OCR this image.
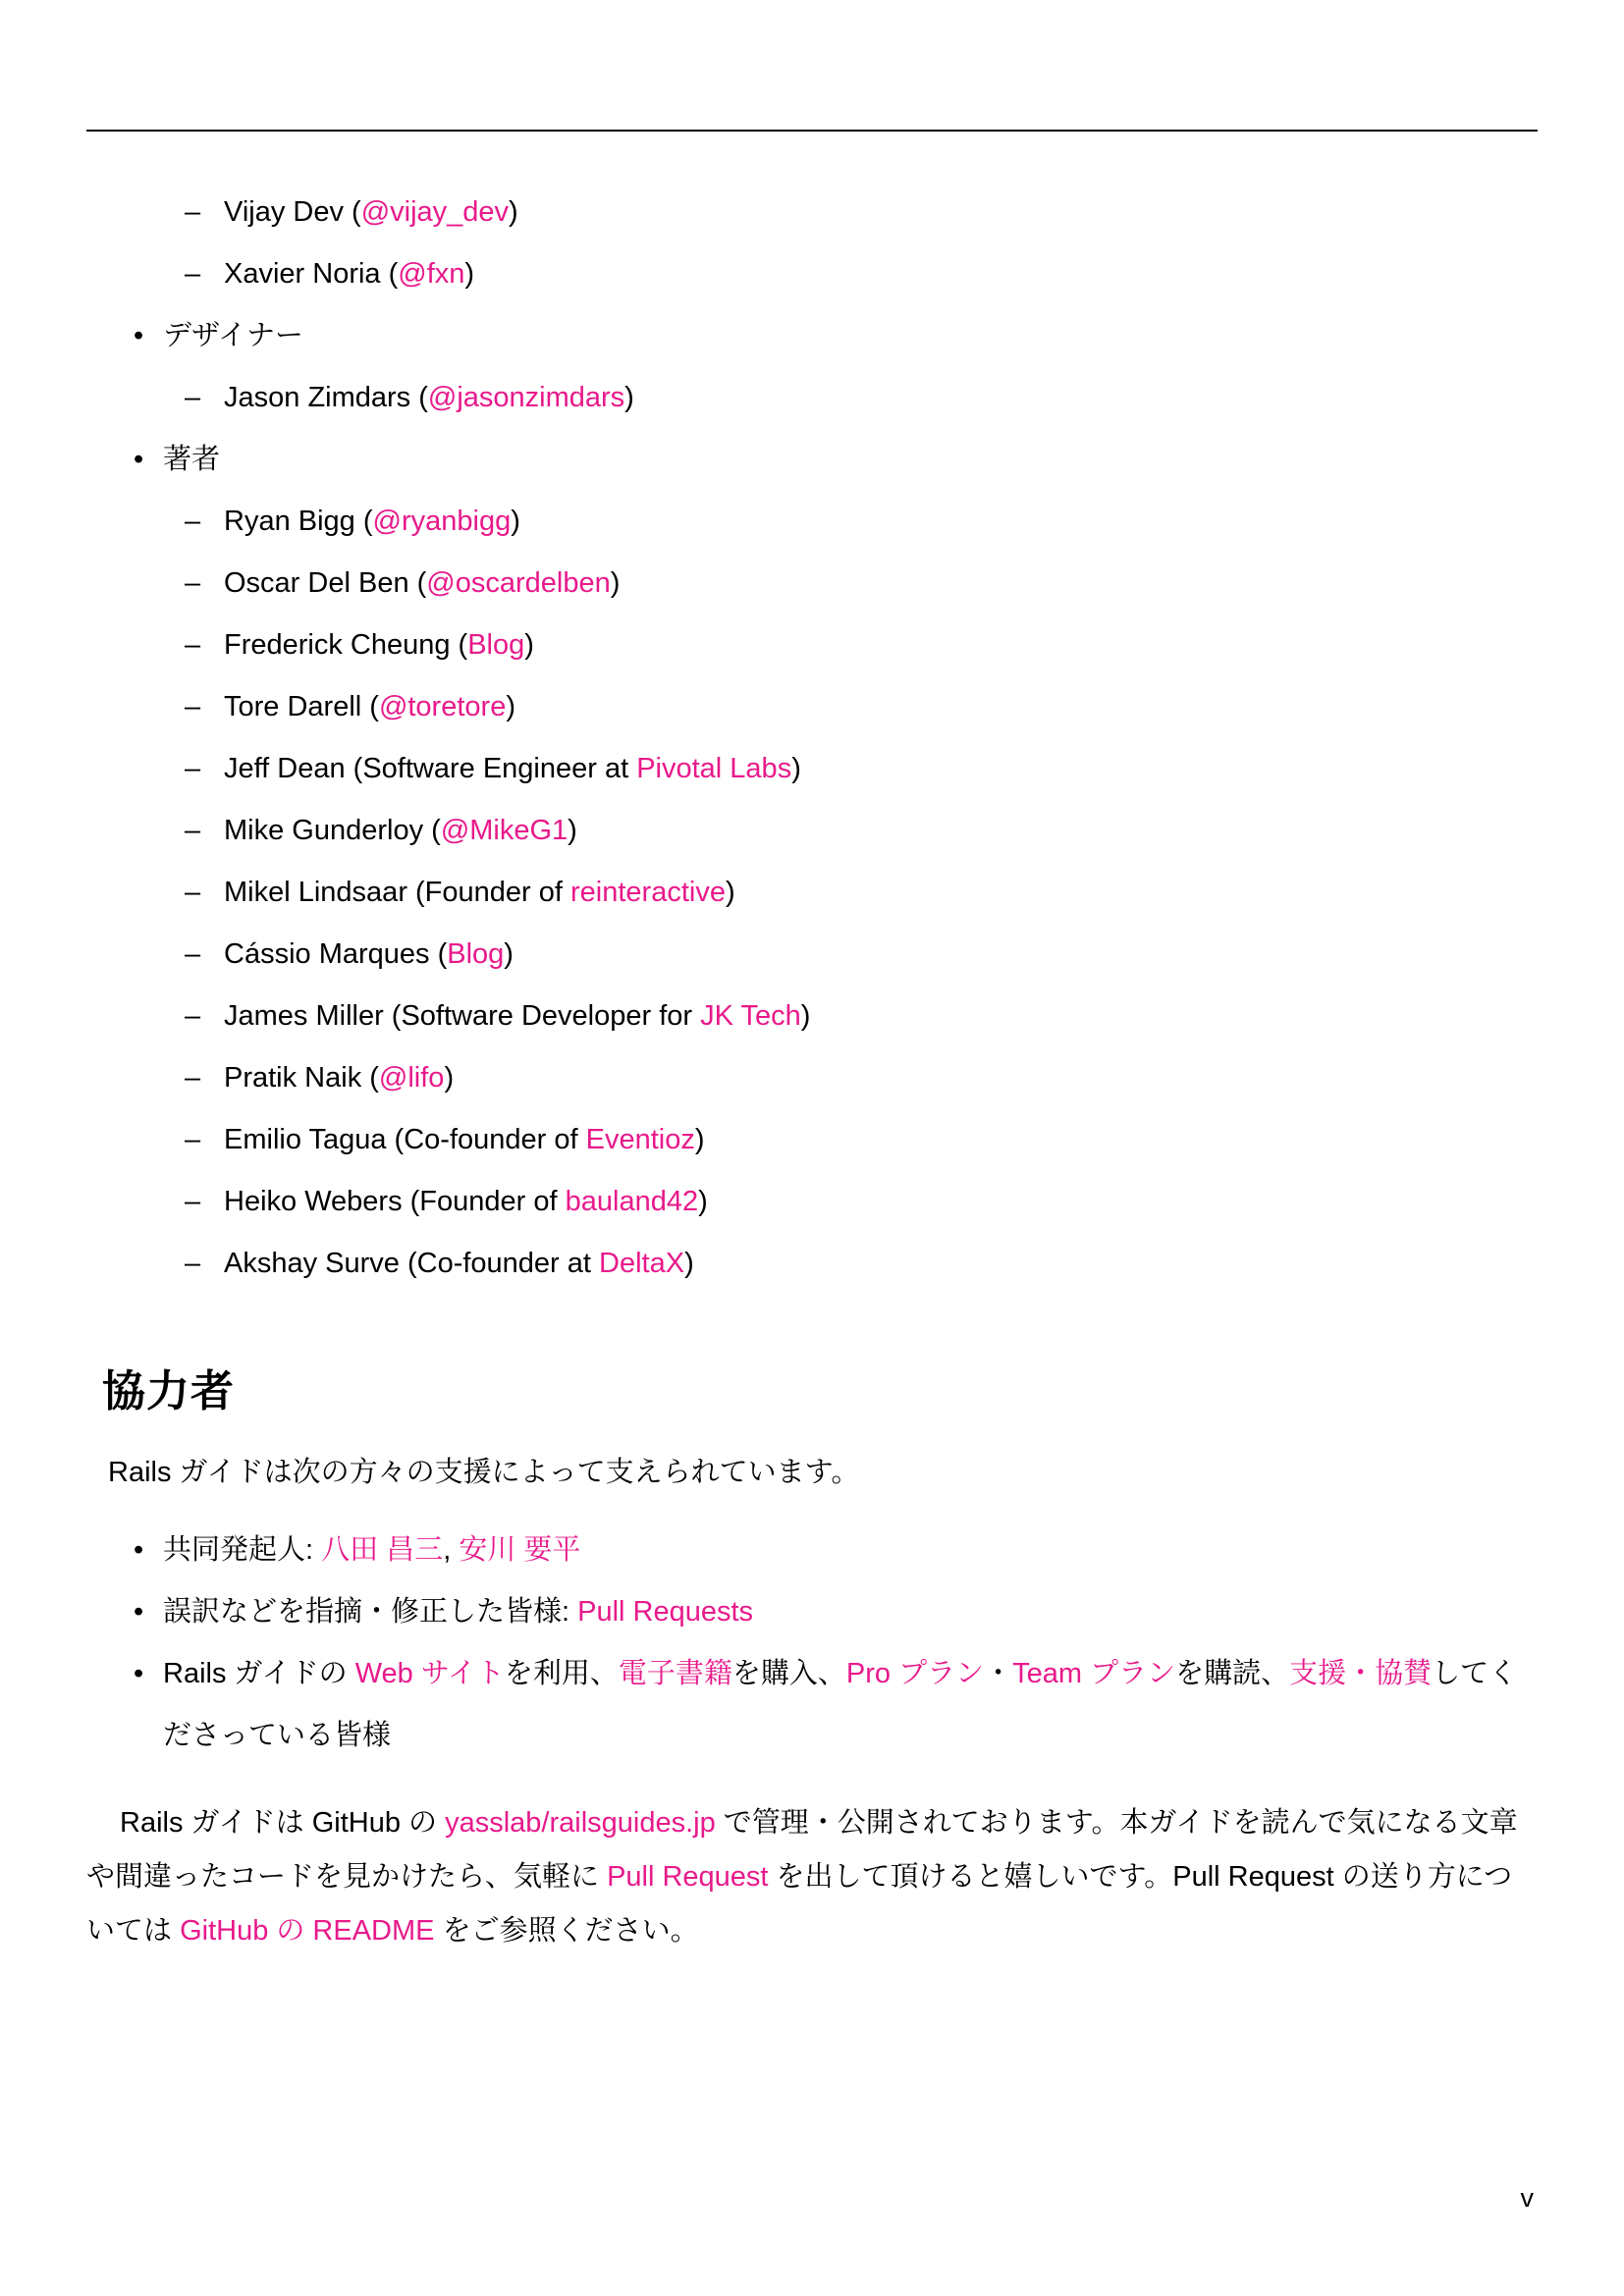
– Vijay Dev (@vijay_dev)
– Xavier Noria (@fxn)
• デザイナー
– Jason Zimdars (@jasonzimdars)
• 著者
– Ryan Bigg (@ryanbigg)
– Oscar Del Ben (@oscardelben)
– Frederick Cheung (Blog)
– Tore Darell (@toretore)
– Jeff Dean (Software Engineer at Pivotal Labs)
– Mike Gunderloy (@MikeG1)
– Mikel Lindsaar (Founder of reinteractive)
– Cássio Marques (Blog)
– James Miller (Software Developer for JK Tech)
– Pratik Naik (@lifo)
– Emilio Tagua (Co-founder of Eventioz)
– Heiko Webers (Founder of bauland42)
– Akshay Surve (Co-founder at DeltaX)
協力者

Rails ガイドは次の方々の支援によって支えられています。

• 共同発起人: 八田 昌三, 安川 要平
• 誤訳などを指摘・修正した皆様: Pull Requests
• Rails ガイドの Web サイトを利用、電子書籍を購入、Pro プラン・Team プランを購読、支援・協賛してくださっている皆様

Rails ガイドは GitHub の yasslab/railsguides.jp で管理・公開されております。本ガイドを読んで気になる文章や間違ったコードを見かけたら、気軽に Pull Request を出して頂けると嬉しいです。Pull Request の送り方については GitHub の README をご参照ください。

v
